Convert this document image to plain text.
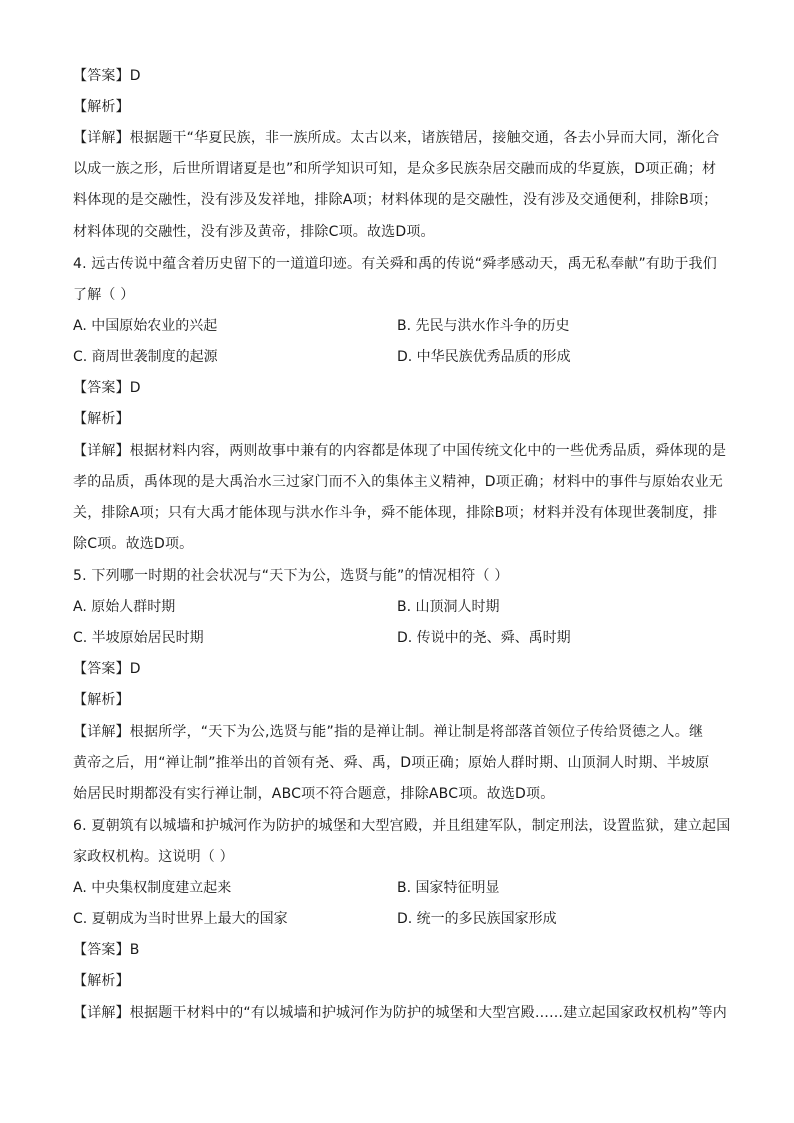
【答案】D
【解析】
【详解】根据题干“华夏民族，非一族所成。太古以来，诸族错居，接触交通，各去小异而大同，渐化合
以成一族之形，后世所谓诸夏是也”和所学知识可知，是众多民族杂居交融而成的华夏族，D项正确；材
料体现的是交融性，没有涉及发祥地，排除A项；材料体现的是交融性，没有涉及交通便利，排除B项；
材料体现的交融性，没有涉及黄帝，排除C项。故选D项。
4. 远古传说中蕴含着历史留下的一道道印迹。有关舜和禹的传说“舜孝感动天，禹无私奉献”有助于我们
了解（ ）
A. 中国原始农业的兴起	B. 先民与洪水作斗争的历史
C. 商周世袭制度的起源	D. 中华民族优秀品质的形成
【答案】D
【解析】
【详解】根据材料内容，两则故事中兼有的内容都是体现了中国传统文化中的一些优秀品质，舜体现的是
孝的品质，禹体现的是大禹治水三过家门而不入的集体主义精神，D项正确；材料中的事件与原始农业无
关，排除A项；只有大禹才能体现与洪水作斗争，舜不能体现，排除B项；材料并没有体现世袭制度，排
除C项。故选D项。
5. 下列哪一时期的社会状况与“天下为公，选贤与能”的情况相符（ ）
A. 原始人群时期	B. 山顶洞人时期
C. 半坡原始居民时期	D. 传说中的尧、舜、禹时期
【答案】D
【解析】
【详解】根据所学，“天下为公,选贤与能”指的是禅让制。禅让制是将部落首领位子传给贤德之人。继
黄帝之后，用“禅让制”推举出的首领有尧、舜、禹，D项正确；原始人群时期、山顶洞人时期、半坡原
始居民时期都没有实行禅让制，ABC项不符合题意，排除ABC项。故选D项。
6. 夏朝筑有以城墙和护城河作为防护的城堡和大型宫殿，并且组建军队，制定刑法，设置监狱，建立起国
家政权机构。这说明（ ）
A. 中央集权制度建立起来	B. 国家特征明显
C. 夏朝成为当时世界上最大的国家	D. 统一的多民族国家形成
【答案】B
【解析】
【详解】根据题干材料中的“有以城墙和护城河作为防护的城堡和大型宫殿……建立起国家政权机构”等内
